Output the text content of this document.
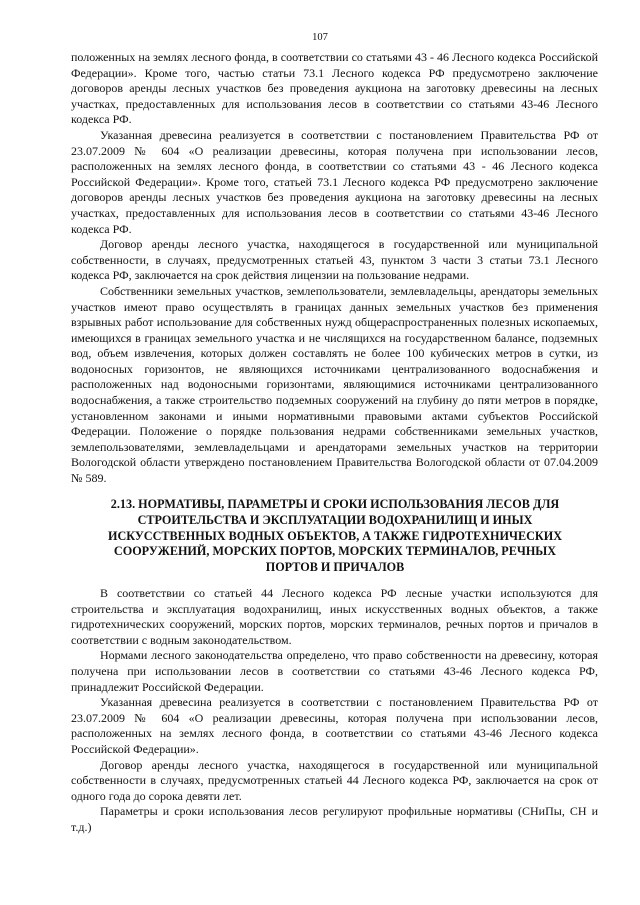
107

положенных на землях лесного фонда, в соответствии со статьями 43 - 46 Лесного кодекса Российской Федерации». Кроме того, частью статьи 73.1 Лесного кодекса РФ предусмотрено заключение договоров аренды лесных участков без проведения аукциона на заготовку древесины на лесных участках, предоставленных для использования лесов в соответствии со статьями 43-46 Лесного кодекса РФ.

Указанная древесина реализуется в соответствии с постановлением Правительства РФ от 23.07.2009 № 604 «О реализации древесины, которая получена при использовании лесов, расположенных на землях лесного фонда, в соответствии со статьями 43 - 46 Лесного кодекса Российской Федерации». Кроме того, статьей 73.1 Лесного кодекса РФ предусмотрено заключение договоров аренды лесных участков без проведения аукциона на заготовку древесины на лесных участках, предоставленных для использования лесов в соответствии со статьями 43-46 Лесного кодекса РФ.

Договор аренды лесного участка, находящегося в государственной или муниципальной собственности, в случаях, предусмотренных статьей 43, пунктом 3 части 3 статьи 73.1 Лесного кодекса РФ, заключается на срок действия лицензии на пользование недрами.

Собственники земельных участков, землепользователи, землевладельцы, арендаторы земельных участков имеют право осуществлять в границах данных земельных участков без применения взрывных работ использование для собственных нужд общераспространенных полезных ископаемых, имеющихся в границах земельного участка и не числящихся на государственном балансе, подземных вод, объем извлечения, которых должен составлять не более 100 кубических метров в сутки, из водоносных горизонтов, не являющихся источниками централизованного водоснабжения и расположенных над водоносными горизонтами, являющимися источниками централизованного водоснабжения, а также строительство подземных сооружений на глубину до пяти метров в порядке, установленном законами и иными нормативными правовыми актами субъектов Российской Федерации. Положение о порядке пользования недрами собственниками земельных участков, землепользователями, землевладельцами и арендаторами земельных участков на территории Вологодской области утверждено постановлением Правительства Вологодской области от 07.04.2009 № 589.

2.13. НОРМАТИВЫ, ПАРАМЕТРЫ И СРОКИ ИСПОЛЬЗОВАНИЯ ЛЕСОВ ДЛЯ СТРОИТЕЛЬСТВА И ЭКСПЛУАТАЦИИ ВОДОХРАНИЛИЩ И ИНЫХ ИСКУССТВЕННЫХ ВОДНЫХ ОБЪЕКТОВ, А ТАКЖЕ ГИДРОТЕХНИЧЕСКИХ СООРУЖЕНИЙ, МОРСКИХ ПОРТОВ, МОРСКИХ ТЕРМИНАЛОВ, РЕЧНЫХ ПОРТОВ И ПРИЧАЛОВ

В соответствии со статьей 44 Лесного кодекса РФ лесные участки используются для строительства и эксплуатация водохранилищ, иных искусственных водных объектов, а также гидротехнических сооружений, морских портов, морских терминалов, речных портов и причалов в соответствии с водным законодательством.

Нормами лесного законодательства определено, что право собственности на древесину, которая получена при использовании лесов в соответствии со статьями 43-46 Лесного кодекса РФ, принадлежит Российской Федерации.

Указанная древесина реализуется в соответствии с постановлением Правительства РФ от 23.07.2009 № 604 «О реализации древесины, которая получена при использовании лесов, расположенных на землях лесного фонда, в соответствии со статьями 43-46 Лесного кодекса Российской Федерации».

Договор аренды лесного участка, находящегося в государственной или муниципальной собственности в случаях, предусмотренных статьей 44 Лесного кодекса РФ, заключается на срок от одного года до сорока девяти лет.

Параметры и сроки использования лесов регулируют профильные нормативы (СНиПы, СН и т.д.)
